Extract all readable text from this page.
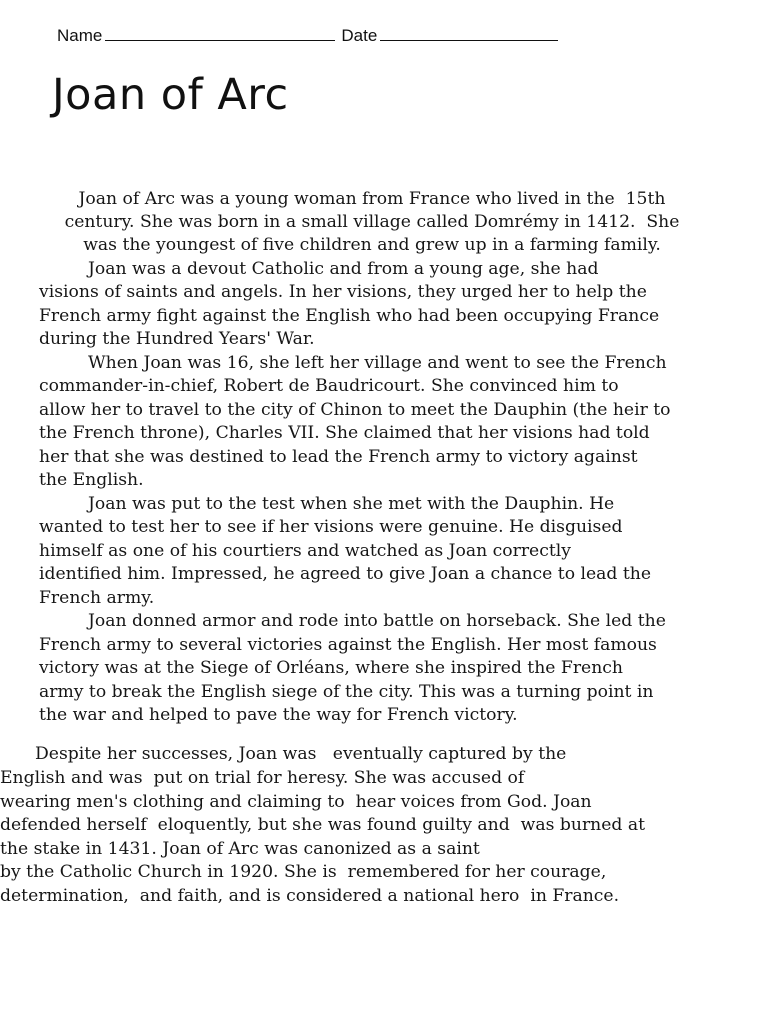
Name	Date
Joan of Arc

Joan of Arc was a young woman from France who lived in the  15th

century. She was born in a small village called Domrémy in 1412.  She

was the youngest of five children and grew up in a farming family.

Joan was a devout Catholic and from a young age, she had

visions of saints and angels. In her visions, they urged her to help the

French army fight against the English who had been occupying France

during the Hundred Years' War.

When Joan was 16, she left her village and went to see the French

commander-in-chief, Robert de Baudricourt. She convinced him to

allow her to travel to the city of Chinon to meet the Dauphin (the heir to

the French throne), Charles VII. She claimed that her visions had told

her that she was destined to lead the French army to victory against

the English.

Joan was put to the test when she met with the Dauphin. He

wanted to test her to see if her visions were genuine. He disguised

himself as one of his courtiers and watched as Joan correctly

identified him. Impressed, he agreed to give Joan a chance to lead the

French army.

Joan donned armor and rode into battle on horseback. She led the

French army to several victories against the English. Her most famous

victory was at the Siege of Orléans, where she inspired the French

army to break the English siege of the city. This was a turning point in

the war and helped to pave the way for French victory.

Despite her successes, Joan was   eventually captured by the

English and was  put on trial for heresy. She was accused of

wearing men's clothing and claiming to  hear voices from God. Joan

defended herself  eloquently, but she was found guilty and  was burned at

the stake in 1431. Joan of Arc was canonized as a saint

by the Catholic Church in 1920. She is  remembered for her courage,

determination,  and faith, and is considered a national hero  in France.
